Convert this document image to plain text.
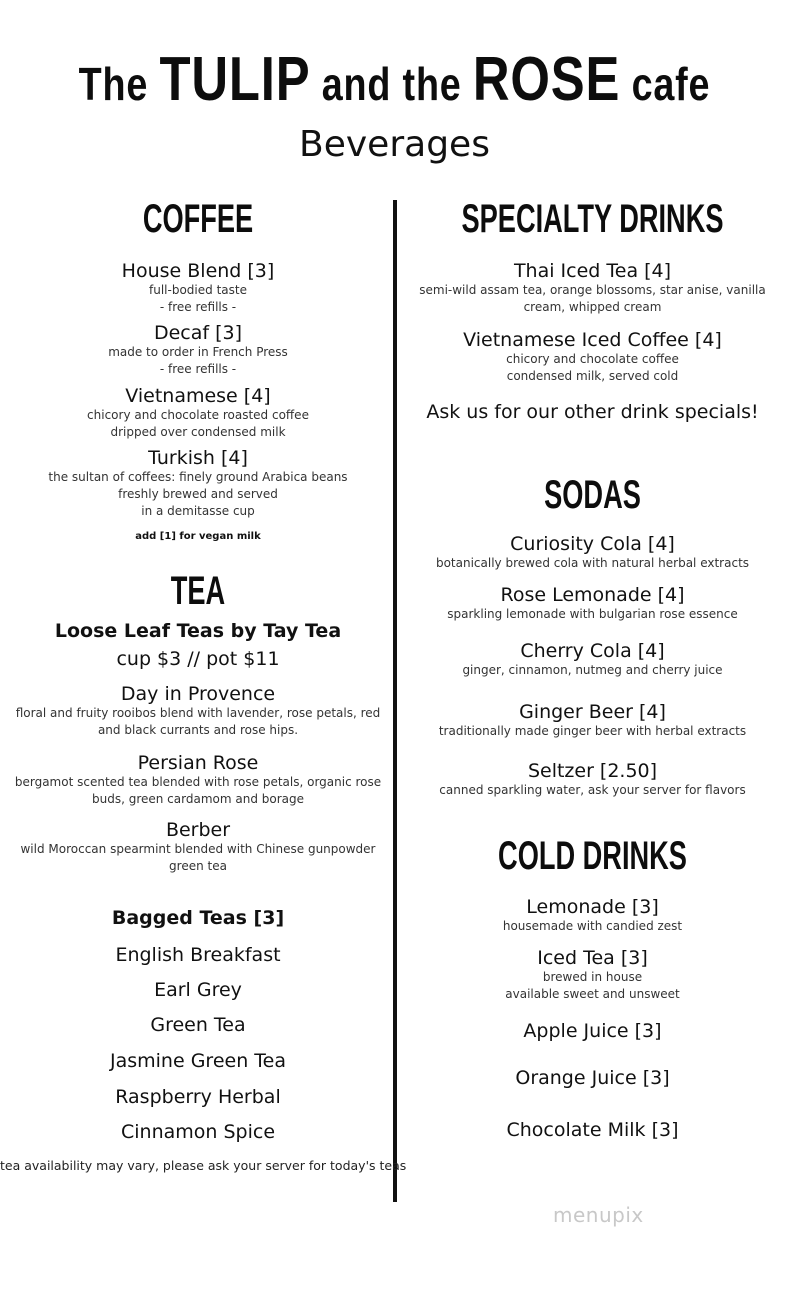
The TULIP and the ROSE cafe
Beverages
COFFEE
House Blend [3]
full-bodied taste
- free refills -
Decaf [3]
made to order in French Press
- free refills -
Vietnamese [4]
chicory and chocolate roasted coffee
dripped over condensed milk
Turkish [4]
the sultan of coffees: finely ground Arabica beans
freshly brewed and served
in a demitasse cup
add [1] for vegan milk
TEA
Loose Leaf Teas by Tay Tea
cup $3 // pot $11
Day in Provence
floral and fruity rooibos blend with lavender, rose petals, red
and black currants and rose hips.
Persian Rose
bergamot scented tea blended with rose petals, organic rose
buds, green cardamom and borage
Berber
wild Moroccan spearmint blended with Chinese gunpowder
green tea
Bagged Teas [3]
English Breakfast
Earl Grey
Green Tea
Jasmine Green Tea
Raspberry Herbal
Cinnamon Spice
tea availability may vary, please ask your server for today's teas
SPECIALTY DRINKS
Thai Iced Tea [4]
semi-wild assam tea, orange blossoms, star anise, vanilla
cream, whipped cream
Vietnamese Iced Coffee [4]
chicory and chocolate coffee
condensed milk, served cold
Ask us for our other drink specials!
SODAS
Curiosity Cola [4]
botanically brewed cola with natural herbal extracts
Rose Lemonade [4]
sparkling lemonade with bulgarian rose essence
Cherry Cola [4]
ginger, cinnamon, nutmeg and cherry juice
Ginger Beer [4]
traditionally made ginger beer with herbal extracts
Seltzer [2.50]
canned sparkling water, ask your server for flavors
COLD DRINKS
Lemonade [3]
housemade with candied zest
Iced Tea [3]
brewed in house
available sweet and unsweet
Apple Juice [3]
Orange Juice [3]
Chocolate Milk [3]
menupix
